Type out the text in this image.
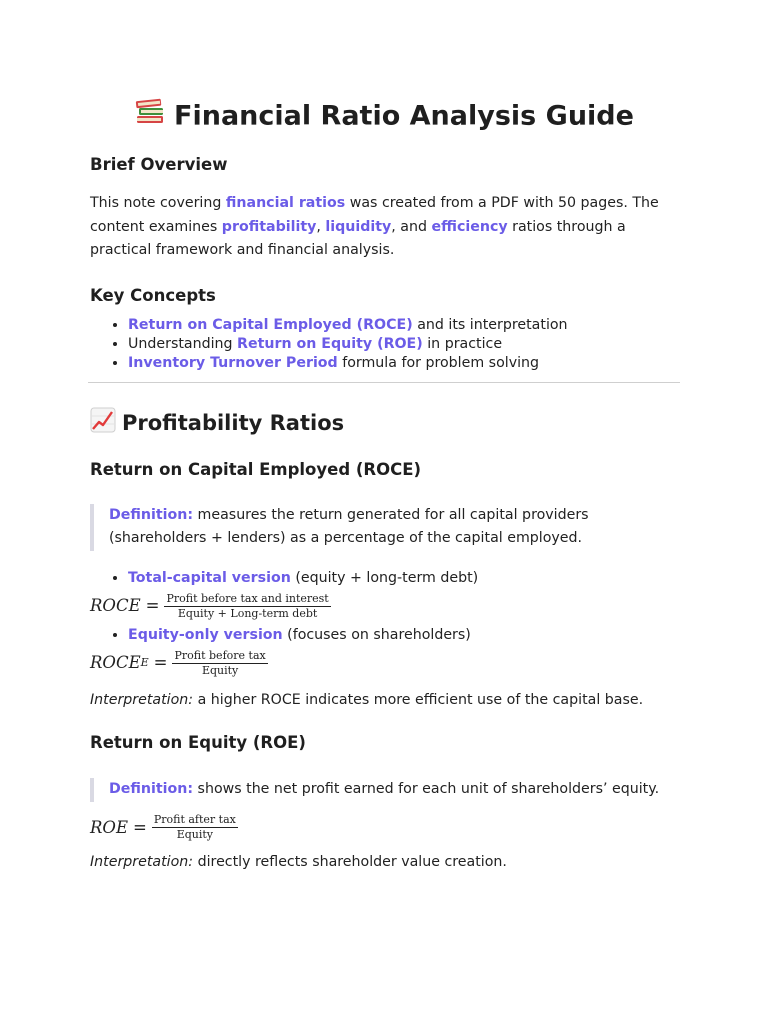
Financial Ratio Analysis Guide
Brief Overview

This note covering financial ratios was created from a PDF with 50 pages. The content examines profitability, liquidity, and efficiency ratios through a practical framework and financial analysis.

Key Concepts
• Return on Capital Employed (ROCE) and its interpretation
• Understanding Return on Equity (ROE) in practice
• Inventory Turnover Period formula for problem solving
Profitability Ratios
Return on Capital Employed (ROCE)

Definition: measures the return generated for all capital providers (shareholders + lenders) as a percentage of the capital employed.

• Total-capital version (equity + long-term debt)
ROCE = $\frac{\text{Profit before tax and interest}}{\text{Equity + Long-term debt}}$
• Equity-only version (focuses on shareholders)
ROCE $E = \frac{\text{Profit before tax}}{\text{Equity}}$

Interpretation: a higher ROCE indicates more efficient use of the capital base.

Return on Equity (ROE)

Definition: shows the net profit earned for each unit of shareholders’ equity.

ROE = $\frac{\text{Profit after tax}}{\text{Equity}}$

Interpretation: directly reflects shareholder value creation.
